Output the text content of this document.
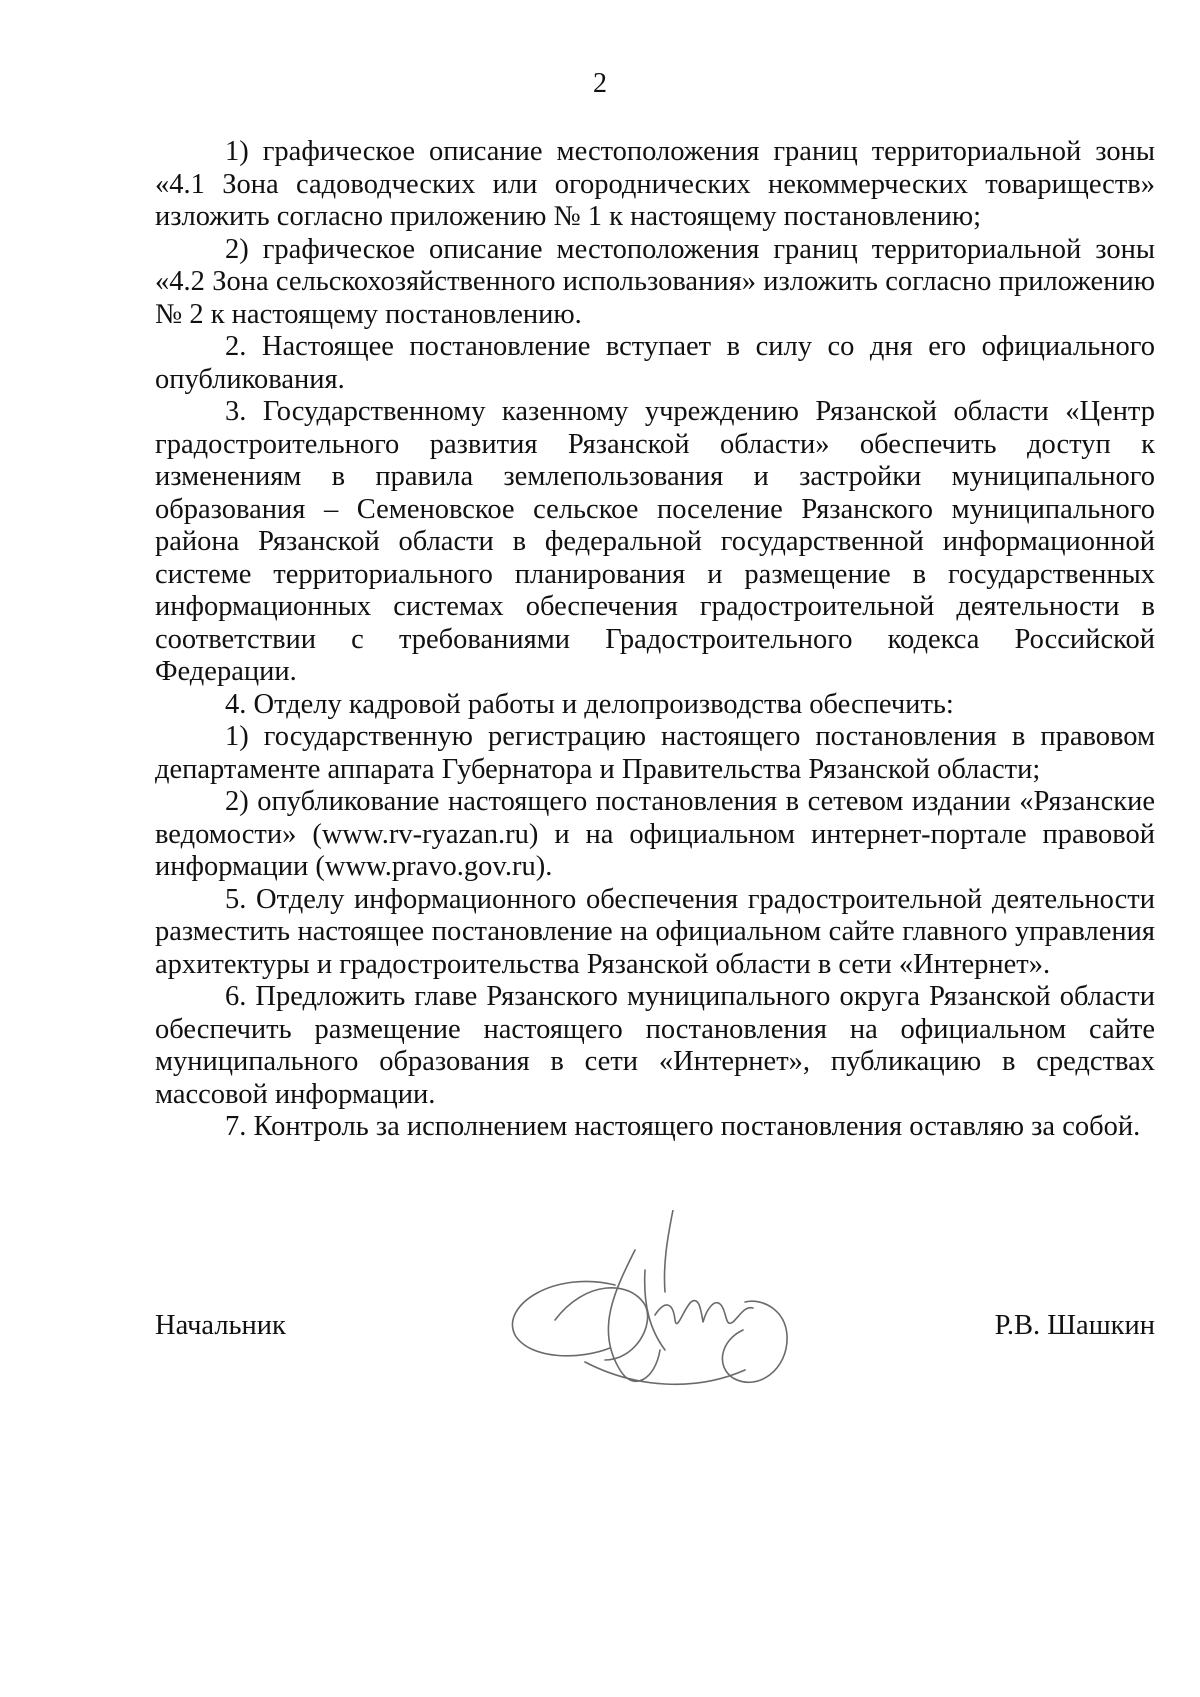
2

1) графическое описание местоположения границ территориальной зоны «4.1 Зона садоводческих или огороднических некоммерческих товариществ» изложить согласно приложению № 1 к настоящему постановлению;

2) графическое описание местоположения границ территориальной зоны «4.2 Зона сельскохозяйственного использования» изложить согласно приложению № 2 к настоящему постановлению.

2. Настоящее постановление вступает в силу со дня его официального опубликования.

3. Государственному казенному учреждению Рязанской области «Центр градостроительного развития Рязанской области» обеспечить доступ к изменениям в правила землепользования и застройки муниципального образования – Семеновское сельское поселение Рязанского муниципального района Рязанской области в федеральной государственной информационной системе территориального планирования и размещение в государственных информационных системах обеспечения градостроительной деятельности в соответствии с требованиями Градостроительного кодекса Российской Федерации.

4. Отделу кадровой работы и делопроизводства обеспечить:

1) государственную регистрацию настоящего постановления в правовом департаменте аппарата Губернатора и Правительства Рязанской области;

2) опубликование настоящего постановления в сетевом издании «Рязанские ведомости» (www.rv-ryazan.ru) и на официальном интернет-портале правовой информации (www.pravo.gov.ru).

5. Отделу информационного обеспечения градостроительной деятельности разместить настоящее постановление на официальном сайте главного управления архитектуры и градостроительства Рязанской области в сети «Интернет».

6. Предложить главе Рязанского муниципального округа Рязанской области обеспечить размещение настоящего постановления на официальном сайте муниципального образования в сети «Интернет», публикацию в средствах массовой информации.

7. Контроль за исполнением настоящего постановления оставляю за собой.

Начальник	Р.В. Шашкин
